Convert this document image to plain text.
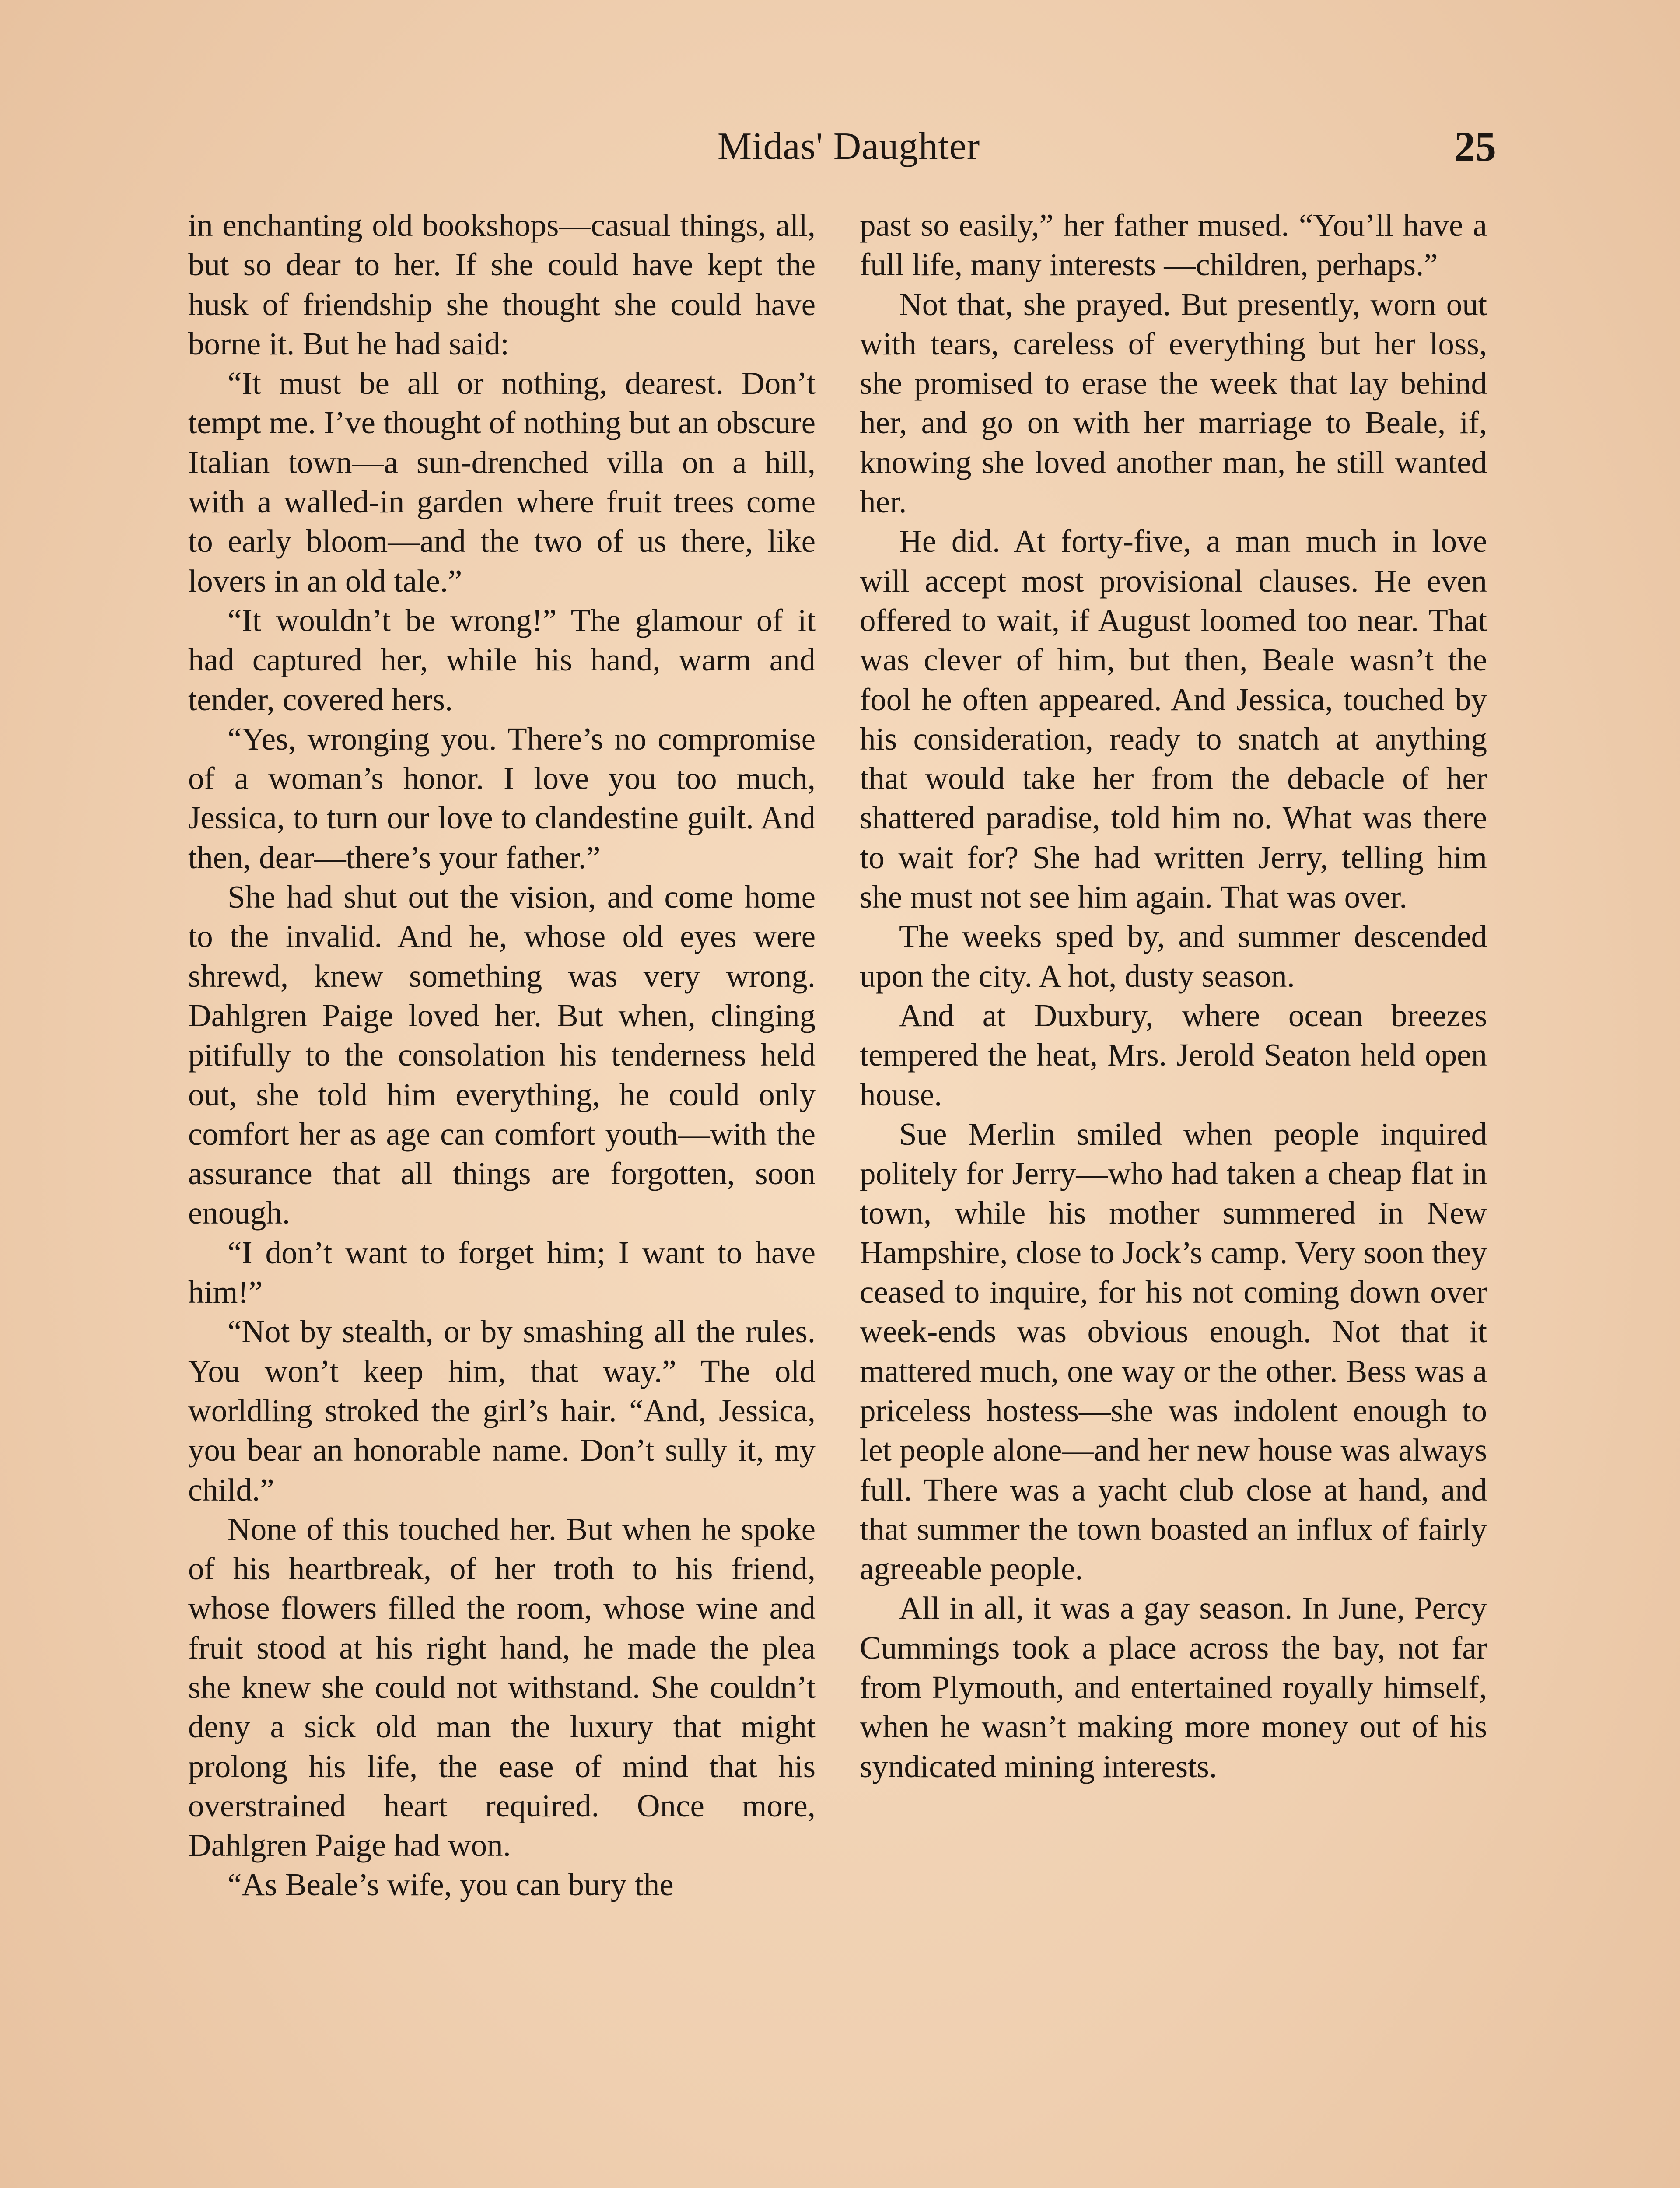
Midas' Daughter	25

in enchanting old bookshops—casual things, all, but so dear to her. If she could have kept the husk of friendship she thought she could have borne it. But he had said:

“It must be all or nothing, dearest. Don’t tempt me. I’ve thought of nothing but an obscure Italian town—a sun-drenched villa on a hill, with a walled-in garden where fruit trees come to early bloom—and the two of us there, like lovers in an old tale.”

“It wouldn’t be wrong!” The glamour of it had captured her, while his hand, warm and tender, covered hers.

“Yes, wronging you. There’s no compromise of a woman’s honor. I love you too much, Jessica, to turn our love to clandestine guilt. And then, dear—there’s your father.”

She had shut out the vision, and come home to the invalid. And he, whose old eyes were shrewd, knew something was very wrong. Dahlgren Paige loved her. But when, clinging pitifully to the consolation his tenderness held out, she told him everything, he could only comfort her as age can comfort youth—with the assurance that all things are forgotten, soon enough.

“I don’t want to forget him; I want to have him!”

“Not by stealth, or by smashing all the rules. You won’t keep him, that way.” The old worldling stroked the girl’s hair. “And, Jessica, you bear an honorable name. Don’t sully it, my child.”

None of this touched her. But when he spoke of his heartbreak, of her troth to his friend, whose flowers filled the room, whose wine and fruit stood at his right hand, he made the plea she knew she could not withstand. She couldn’t deny a sick old man the luxury that might prolong his life, the ease of mind that his overstrained heart required. Once more, Dahlgren Paige had won.

“As Beale’s wife, you can bury the

past so easily,” her father mused. “You’ll have a full life, many interests —children, perhaps.”

Not that, she prayed. But presently, worn out with tears, careless of everything but her loss, she promised to erase the week that lay behind her, and go on with her marriage to Beale, if, knowing she loved another man, he still wanted her.

He did. At forty-five, a man much in love will accept most provisional clauses. He even offered to wait, if August loomed too near. That was clever of him, but then, Beale wasn’t the fool he often appeared. And Jessica, touched by his consideration, ready to snatch at anything that would take her from the debacle of her shattered paradise, told him no. What was there to wait for? She had written Jerry, telling him she must not see him again. That was over.

The weeks sped by, and summer descended upon the city. A hot, dusty season.

And at Duxbury, where ocean breezes tempered the heat, Mrs. Jerold Seaton held open house.

Sue Merlin smiled when people inquired politely for Jerry—who had taken a cheap flat in town, while his mother summered in New Hampshire, close to Jock’s camp. Very soon they ceased to inquire, for his not coming down over week-ends was obvious enough. Not that it mattered much, one way or the other. Bess was a priceless hostess—she was indolent enough to let people alone—and her new house was always full. There was a yacht club close at hand, and that summer the town boasted an influx of fairly agreeable people.

All in all, it was a gay season. In June, Percy Cummings took a place across the bay, not far from Plymouth, and entertained royally himself, when he wasn’t making more money out of his syndicated mining interests.
